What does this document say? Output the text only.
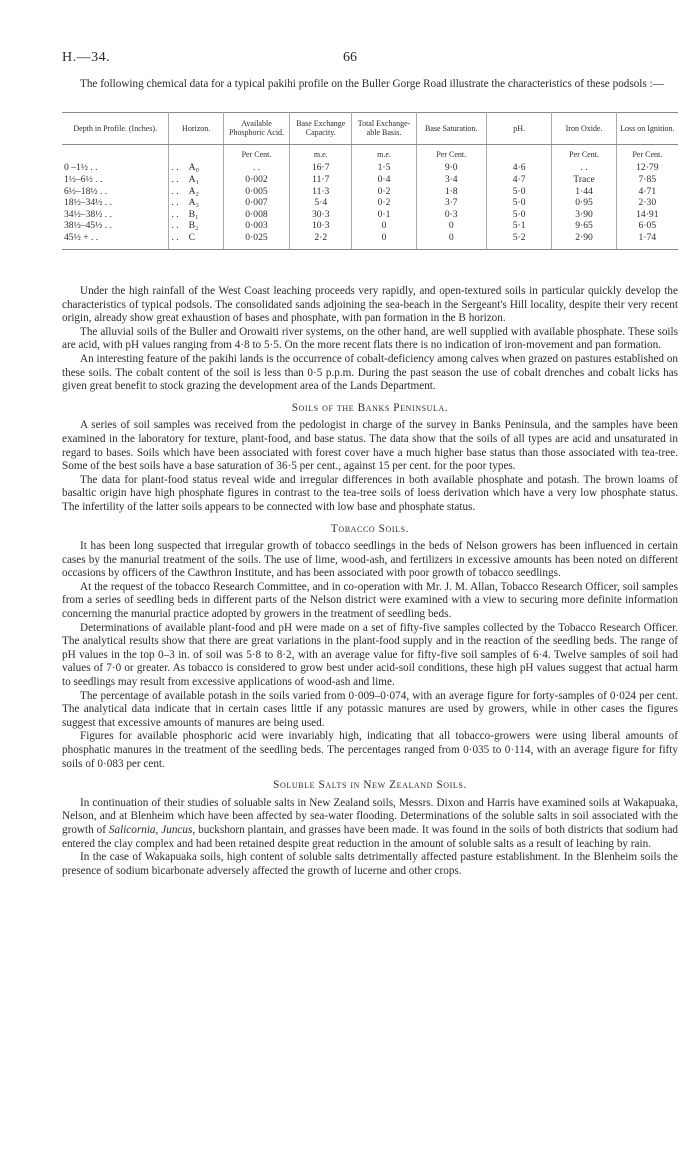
H.—34.	66

The following chemical data for a typical pakihi profile on the Buller Gorge Road illustrate the characteristics of these podsols :—

Depth in Profile. (Inches).	Horizon.	Available Phosphoric Acid.	Base Exchange Capacity.	Total Exchange-able Basis.	Base Saturation.	pH.	Iron Oxide.	Loss on Ignition.
		Per Cent.	m.e.	m.e.	Per Cent.		Per Cent.	Per Cent.
0 –1½ . .	. . A₀	. .	16·7	1·5	9·0	4·6	. .	12·79
1½–6½ . .	. . A₁	0·002	11·7	0·4	3·4	4·7	Trace	7·85
6½–18½ . .	. . A₂	0·005	11·3	0·2	1·8	5·0	1·44	4·71
18½–34½ . .	. . A₃	0·007	5·4	0·2	3·7	5·0	0·95	2·30
34½–38½ . .	. . B₁	0·008	30·3	0·1	0·3	5·0	3·90	14·91
38½–45½ . .	. . B₂	0·003	10·3	0	0	5·1	9·65	6·05
45½ + . .	. . C	0·025	2·2	0	0	5·2	2·90	1·74

Under the high rainfall of the West Coast leaching proceeds very rapidly, and open-textured soils in particular quickly develop the characteristics of typical podsols. The consolidated sands adjoining the sea-beach in the Sergeant's Hill locality, despite their very recent origin, already show great exhaustion of bases and phosphate, with pan formation in the B horizon.

The alluvial soils of the Buller and Orowaiti river systems, on the other hand, are well supplied with available phosphate. These soils are acid, with pH values ranging from 4·8 to 5·5. On the more recent flats there is no indication of iron-movement and pan formation.

An interesting feature of the pakihi lands is the occurrence of cobalt-deficiency among calves when grazed on pastures established on these soils. The cobalt content of the soil is less than 0·5 p.p.m. During the past season the use of cobalt drenches and cobalt licks has given great benefit to stock grazing the development area of the Lands Department.

Soils of the Banks Peninsula.

A series of soil samples was received from the pedologist in charge of the survey in Banks Peninsula, and the samples have been examined in the laboratory for texture, plant-food, and base status. The data show that the soils of all types are acid and unsaturated in regard to bases. Soils which have been associated with forest cover have a much higher base status than those associated with tea-tree. Some of the best soils have a base saturation of 36·5 per cent., against 15 per cent. for the poor types.

The data for plant-food status reveal wide and irregular differences in both available phosphate and potash. The brown loams of basaltic origin have high phosphate figures in contrast to the tea-tree soils of loess derivation which have a very low phosphate status. The infertility of the latter soils appears to be connected with low base and phosphate status.

Tobacco Soils.

It has been long suspected that irregular growth of tobacco seedlings in the beds of Nelson growers has been influenced in certain cases by the manurial treatment of the soils. The use of lime, wood-ash, and fertilizers in excessive amounts has been noted on different occasions by officers of the Cawthron Institute, and has been associated with poor growth of tobacco seedlings.

At the request of the tobacco Research Committee, and in co-operation with Mr. J. M. Allan, Tobacco Research Officer, soil samples from a series of seedling beds in different parts of the Nelson district were examined with a view to securing more definite information concerning the manurial practice adopted by growers in the treatment of seedling beds.

Determinations of available plant-food and pH were made on a set of fifty-five samples collected by the Tobacco Research Officer. The analytical results show that there are great variations in the plant-food supply and in the reaction of the seedling beds. The range of pH values in the top 0–3 in. of soil was 5·8 to 8·2, with an average value for fifty-five soil samples of 6·4. Twelve samples of soil had values of 7·0 or greater. As tobacco is considered to grow best under acid-soil conditions, these high pH values suggest that actual harm to seedlings may result from excessive applications of wood-ash and lime.

The percentage of available potash in the soils varied from 0·009–0·074, with an average figure for forty-samples of 0·024 per cent. The analytical data indicate that in certain cases little if any potassic manures are used by growers, while in other cases the figures suggest that excessive amounts of manures are being used.

Figures for available phosphoric acid were invariably high, indicating that all tobacco-growers were using liberal amounts of phosphatic manures in the treatment of the seedling beds. The percentages ranged from 0·035 to 0·114, with an average figure for fifty soils of 0·083 per cent.

Soluble Salts in New Zealand Soils.

In continuation of their studies of soluable salts in New Zealand soils, Messrs. Dixon and Harris have examined soils at Wakapuaka, Nelson, and at Blenheim which have been affected by sea-water flooding. Determinations of the soluble salts in soil associated with the growth of Salicornia, Juncus, buckshorn plantain, and grasses have been made. It was found in the soils of both districts that sodium had entered the clay complex and had been retained despite great reduction in the amount of soluble salts as a result of leaching by rain.

In the case of Wakapuaka soils, high content of soluble salts detrimentally affected pasture establishment. In the Blenheim soils the presence of sodium bicarbonate adversely affected the growth of lucerne and other crops.
